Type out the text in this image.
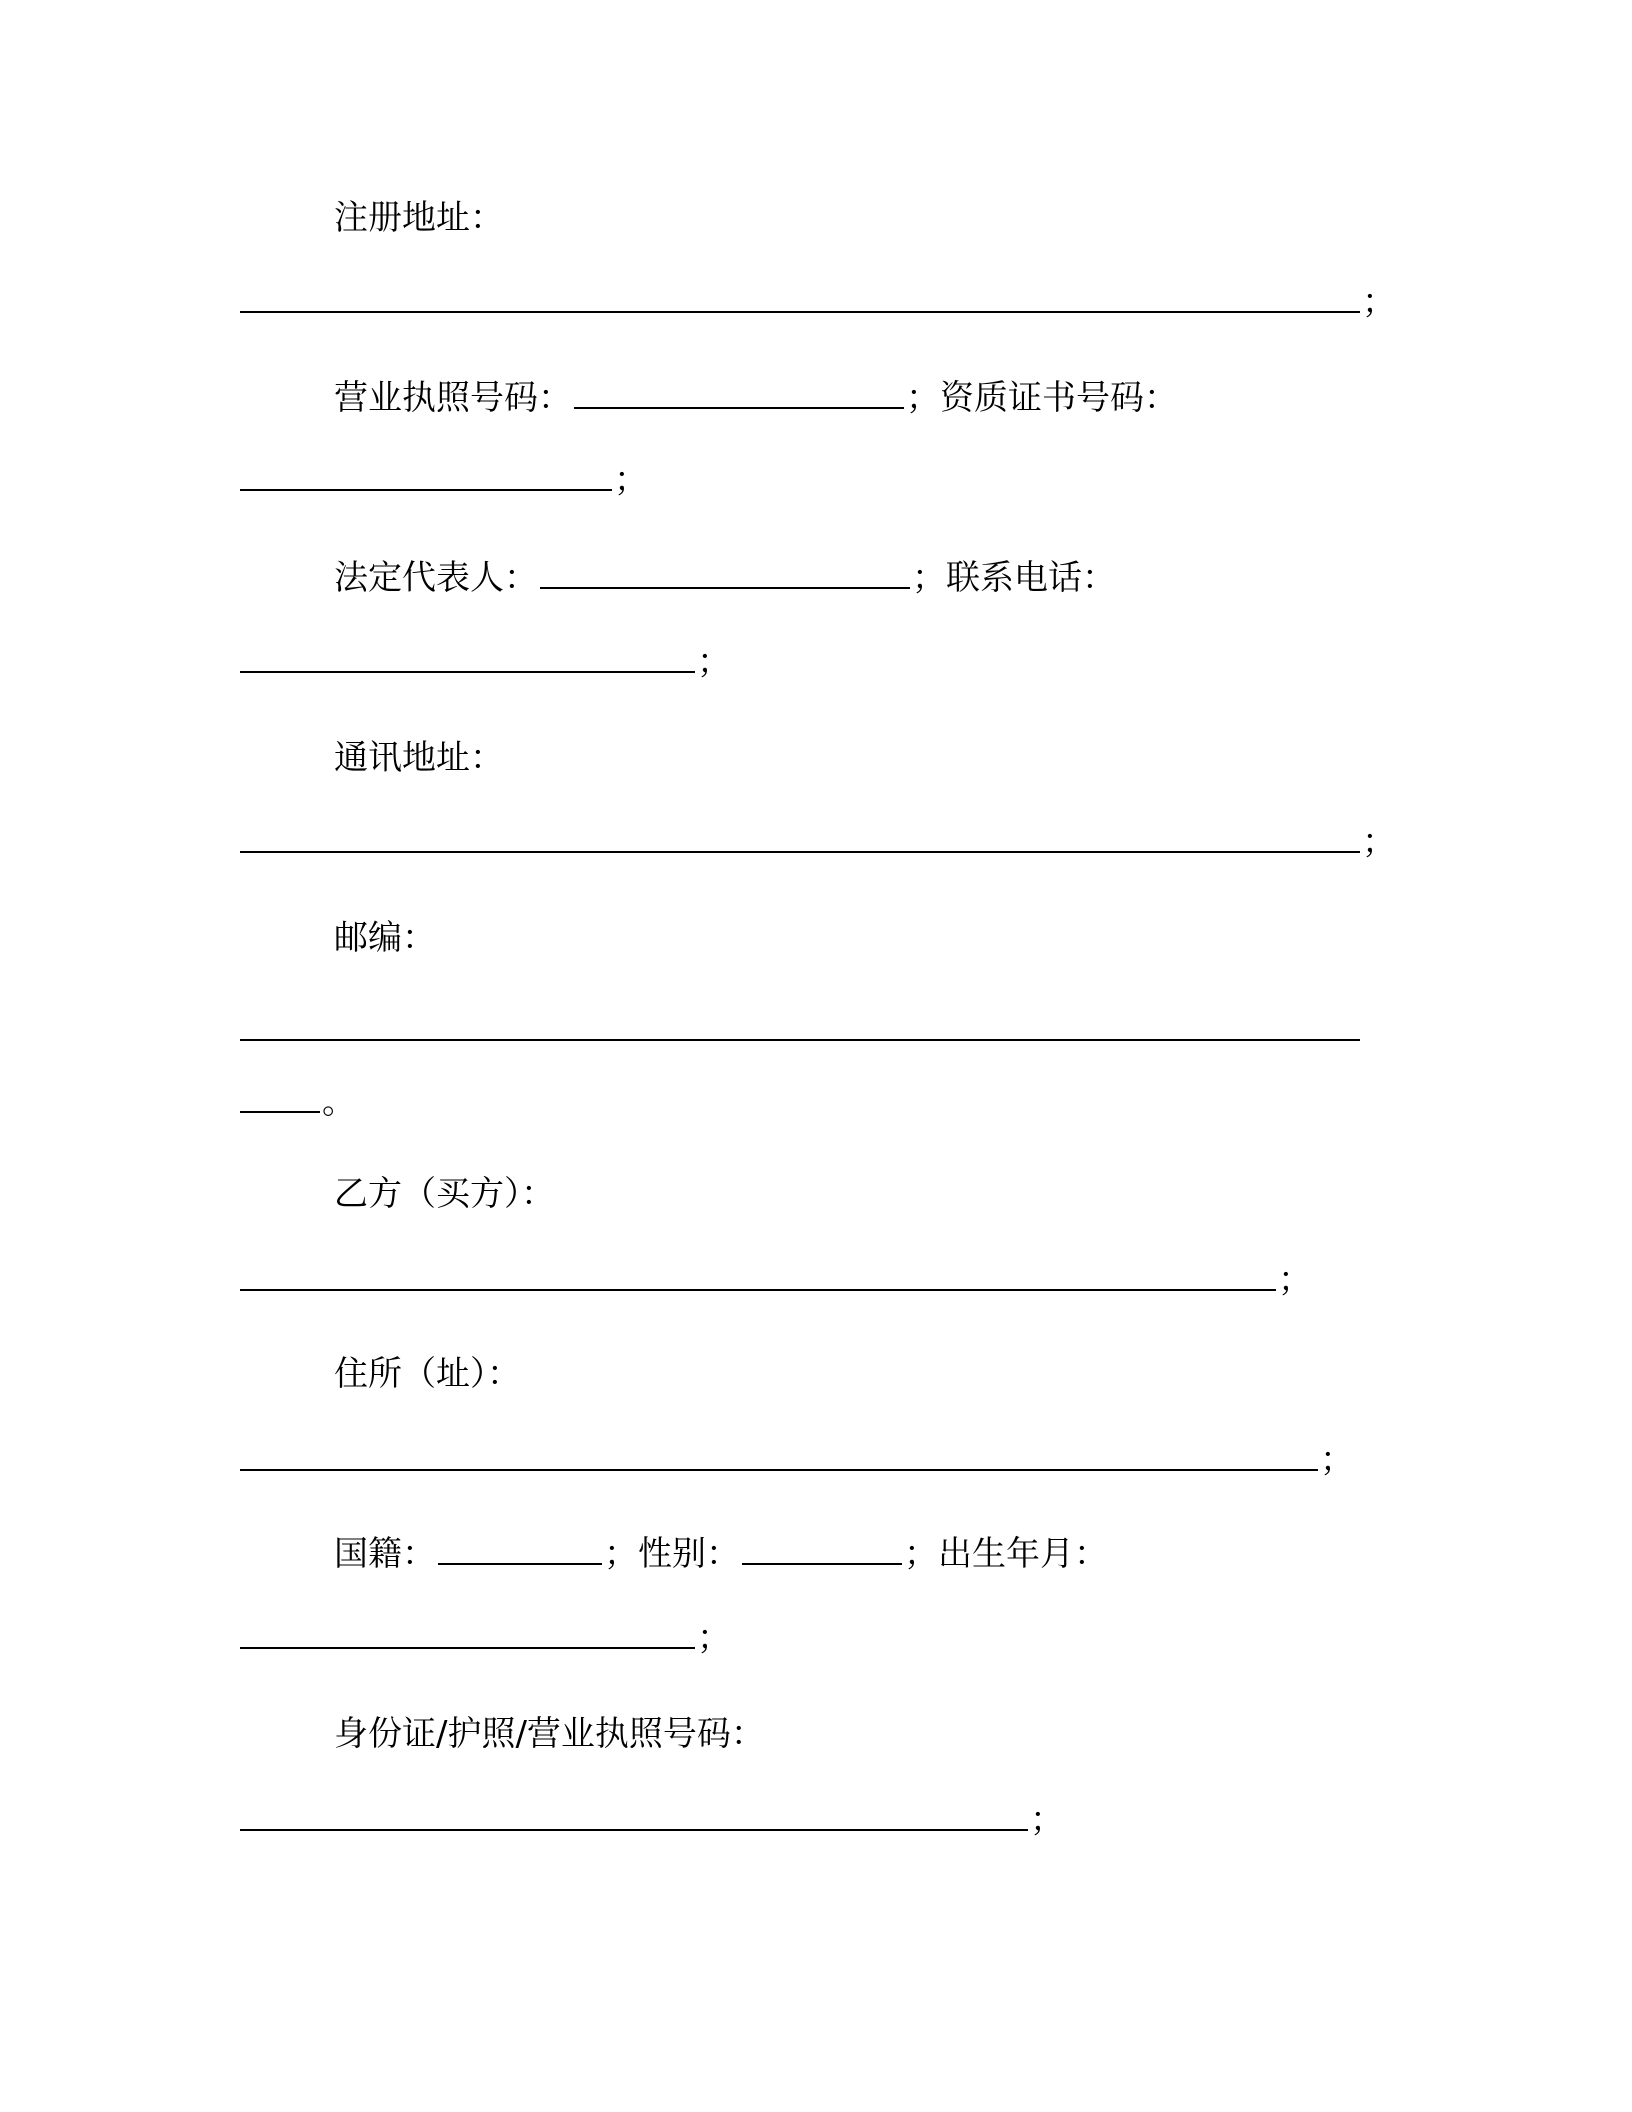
注册地址：
；
营业执照号码：	；资质证书号码：
；
法定代表人：	；联系电话：
；
通讯地址：
；
邮编：
。
乙方（买方）：
；
住所（址）：
；
国籍：	；性别：	；出生年月：
；
身份证/护照/营业执照号码：
；
